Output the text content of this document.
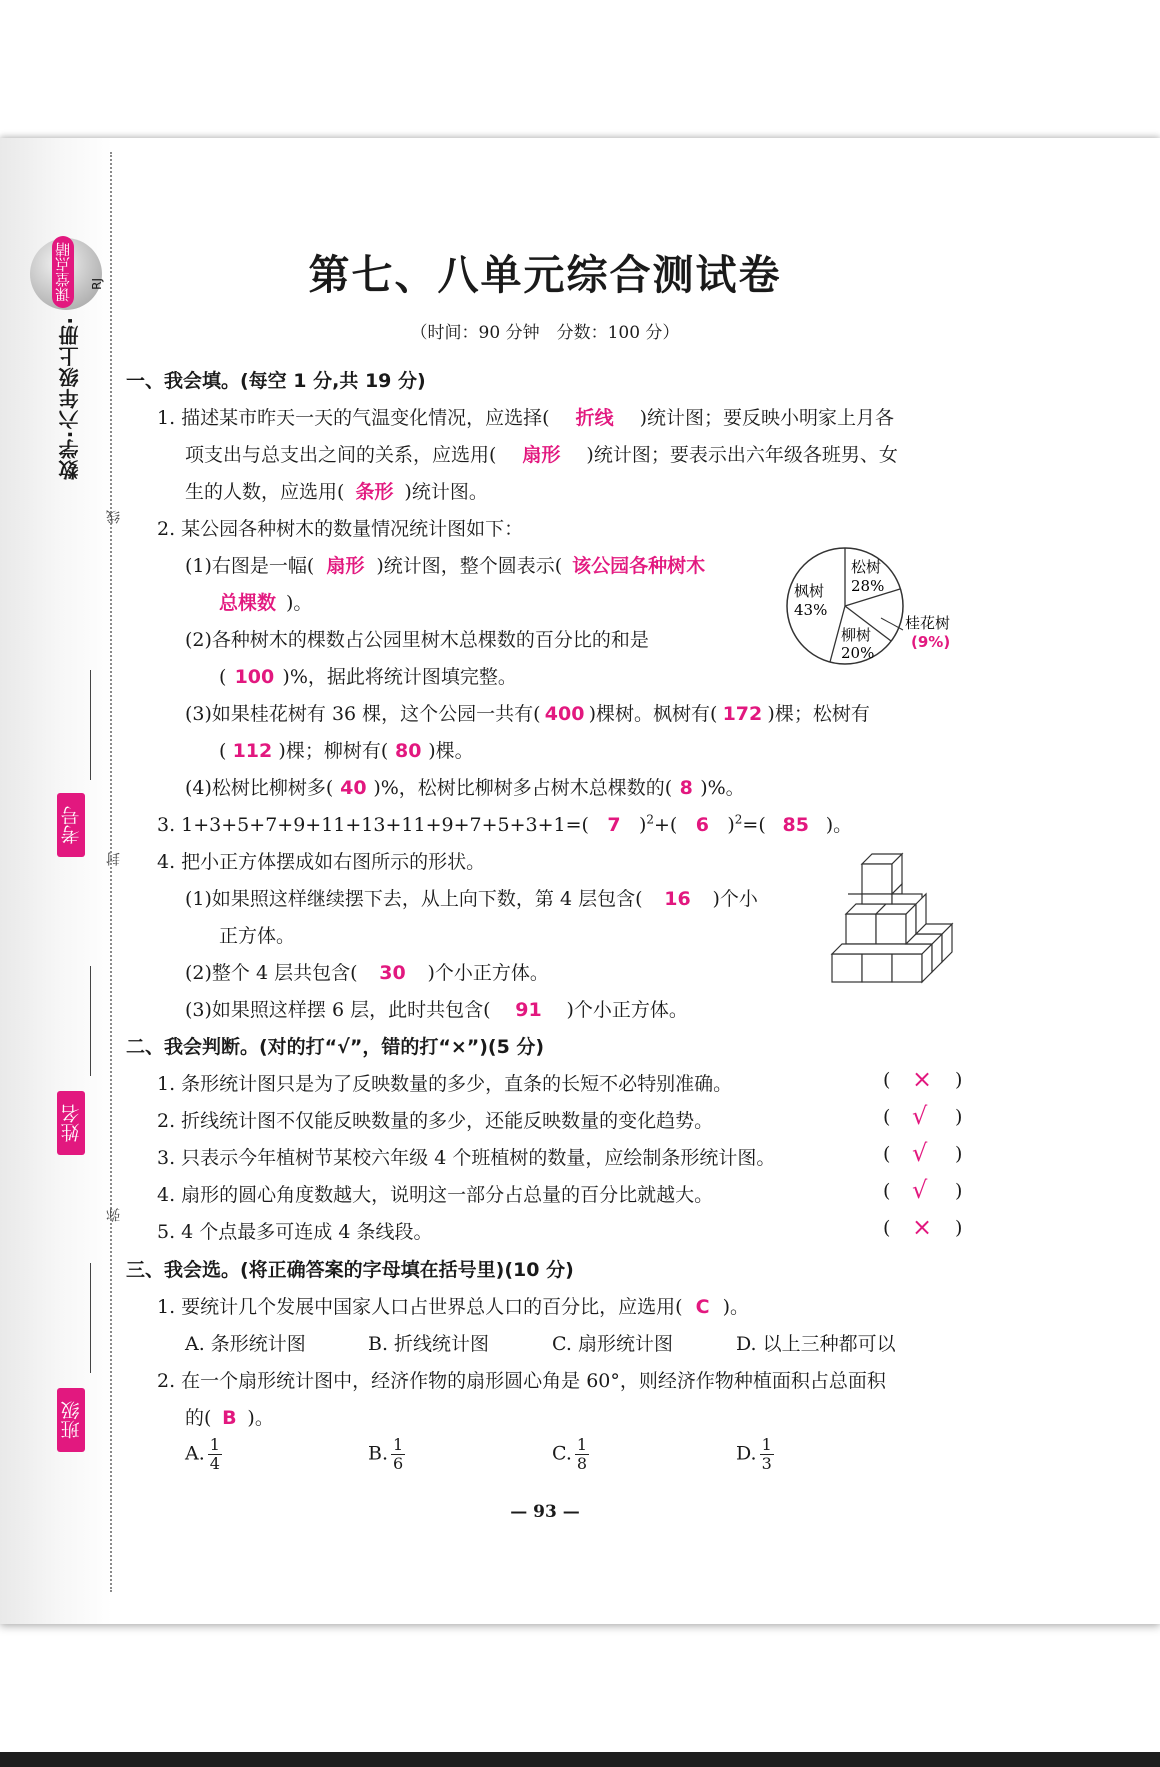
课堂点睛 RJ
数学·六年级上册·
线
封
弥
考号
姓名
班级
第七、八单元综合测试卷
（时间：90 分钟　分数：100 分）
一、我会填。(每空 1 分,共 19 分)
1. 描述某市昨天一天的气温变化情况，应选择( 折线 )统计图；要反映小明家上月各
项支出与总支出之间的关系，应选用( 扇形 )统计图；要表示出六年级各班男、女
生的人数，应选用( 条形 )统计图。
2. 某公园各种树木的数量情况统计图如下：
(1)右图是一幅( 扇形 )统计图，整个圆表示( 该公园各种树木
总棵数 )。
(2)各种树木的棵数占公园里树木总棵数的百分比的和是
( 100 )%，据此将统计图填完整。
(3)如果桂花树有 36 棵，这个公园一共有( 400 )棵树。枫树有( 172 )棵；松树有
( 112 )棵；柳树有( 80 )棵。
(4)松树比柳树多( 40 )%，松树比柳树多占树木总棵数的( 8 )%。
松树
28%
枫树
43%
柳树
20%
桂花树
(9%)
3. 1+3+5+7+9+11+13+11+9+7+5+3+1=( 7 )$^2$+( 6 )$^2$=( 85 )。
4. 把小正方体摆成如右图所示的形状。
(1)如果照这样继续摆下去，从上向下数，第 4 层包含( 16 )个小
正方体。
(2)整个 4 层共包含( 30 )个小正方体。
(3)如果照这样摆 6 层，此时共包含( 91 )个小正方体。
二、我会判断。(对的打“√”，错的打“×”)(5 分)
三、我会选。(将正确答案的字母填在括号里)(10 分)
1. 要统计几个发展中国家人口占世界总人口的百分比，应选用( C )。
A. 条形统计图	B. 折线统计图	C. 扇形统计图	D. 以上三种都可以
2. 在一个扇形统计图中，经济作物的扇形圆心角是 60°，则经济作物种植面积占总面积
的( B )。
— 93 —
1. 条形统计图只是为了反映数量的多少，直条的长短不必特别准确。	( × )
2. 折线统计图不仅能反映数量的多少，还能反映数量的变化趋势。	( √ )
3. 只表示今年植树节某校六年级 4 个班植树的数量，应绘制条形统计图。	( √ )
4. 扇形的圆心角度数越大，说明这一部分占总量的百分比就越大。	( √ )
5. 4 个点最多可连成 4 条线段。	( × )
A. $\frac{1}{4}$	B. $\frac{1}{6}$	C. $\frac{1}{8}$	D. $\frac{1}{3}$
